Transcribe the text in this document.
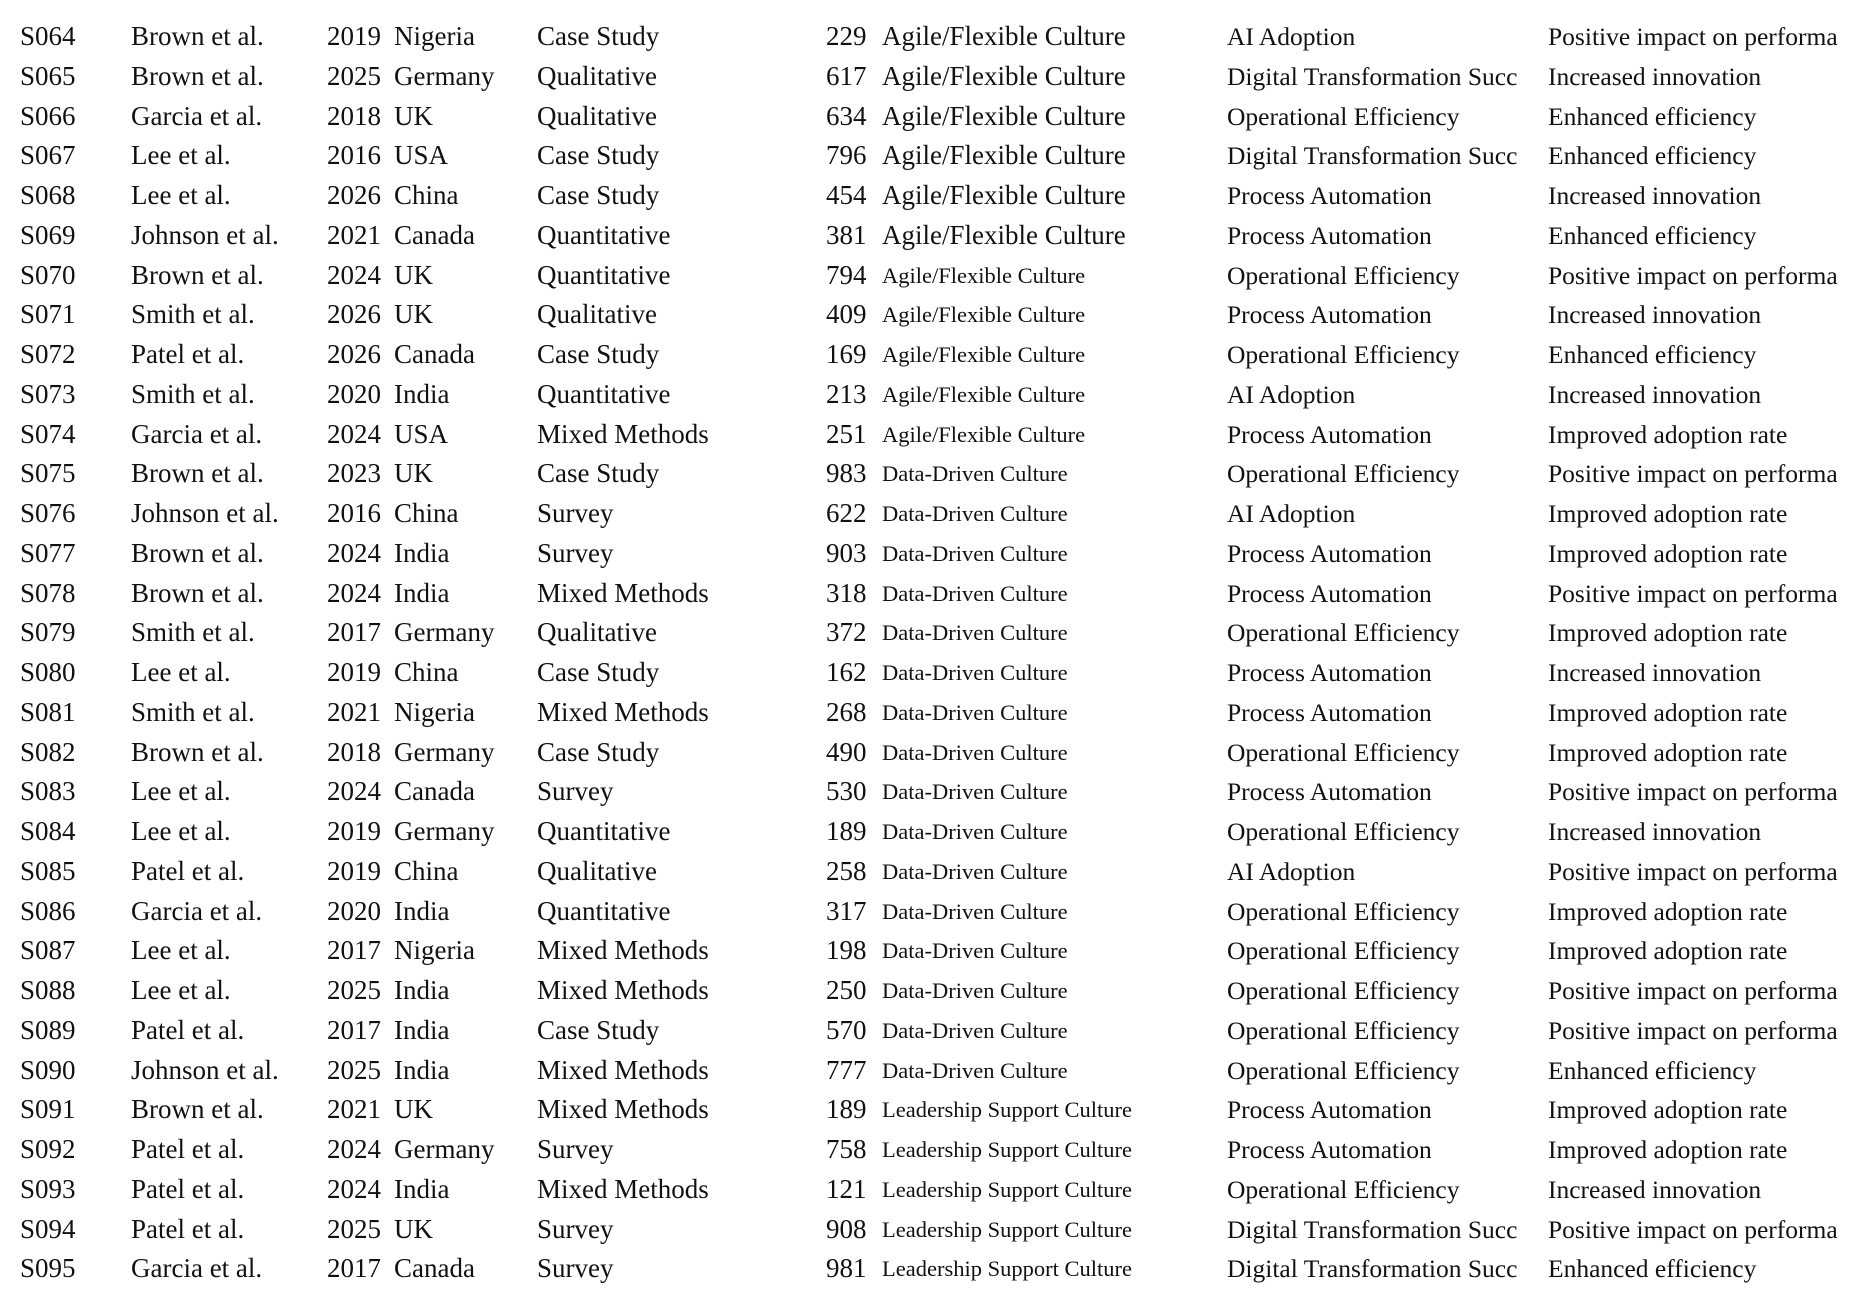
S064	Brown et al.	2019 Nigeria	Case Study	229 Agile/Flexible Culture	AI Adoption	Positive impact on performa
S065	Brown et al.	2025 Germany	Qualitative	617 Agile/Flexible Culture	Digital Transformation Succ	Increased innovation
S066	Garcia et al.	2018 UK	Qualitative	634 Agile/Flexible Culture	Operational Efficiency	Enhanced efficiency
S067	Lee et al.	2016 USA	Case Study	796 Agile/Flexible Culture	Digital Transformation Succ	Enhanced efficiency
S068	Lee et al.	2026 China	Case Study	454 Agile/Flexible Culture	Process Automation	Increased innovation
S069	Johnson et al.	2021 Canada	Quantitative	381 Agile/Flexible Culture	Process Automation	Enhanced efficiency
S070	Brown et al.	2024 UK	Quantitative	794 Agile/Flexible Culture	Operational Efficiency	Positive impact on performa
S071	Smith et al.	2026 UK	Qualitative	409 Agile/Flexible Culture	Process Automation	Increased innovation
S072	Patel et al.	2026 Canada	Case Study	169 Agile/Flexible Culture	Operational Efficiency	Enhanced efficiency
S073	Smith et al.	2020 India	Quantitative	213 Agile/Flexible Culture	AI Adoption	Increased innovation
S074	Garcia et al.	2024 USA	Mixed Methods	251 Agile/Flexible Culture	Process Automation	Improved adoption rate
S075	Brown et al.	2023 UK	Case Study	983 Data-Driven Culture	Operational Efficiency	Positive impact on performa
S076	Johnson et al.	2016 China	Survey	622 Data-Driven Culture	AI Adoption	Improved adoption rate
S077	Brown et al.	2024 India	Survey	903 Data-Driven Culture	Process Automation	Improved adoption rate
S078	Brown et al.	2024 India	Mixed Methods	318 Data-Driven Culture	Process Automation	Positive impact on performa
S079	Smith et al.	2017 Germany	Qualitative	372 Data-Driven Culture	Operational Efficiency	Improved adoption rate
S080	Lee et al.	2019 China	Case Study	162 Data-Driven Culture	Process Automation	Increased innovation
S081	Smith et al.	2021 Nigeria	Mixed Methods	268 Data-Driven Culture	Process Automation	Improved adoption rate
S082	Brown et al.	2018 Germany	Case Study	490 Data-Driven Culture	Operational Efficiency	Improved adoption rate
S083	Lee et al.	2024 Canada	Survey	530 Data-Driven Culture	Process Automation	Positive impact on performa
S084	Lee et al.	2019 Germany	Quantitative	189 Data-Driven Culture	Operational Efficiency	Increased innovation
S085	Patel et al.	2019 China	Qualitative	258 Data-Driven Culture	AI Adoption	Positive impact on performa
S086	Garcia et al.	2020 India	Quantitative	317 Data-Driven Culture	Operational Efficiency	Improved adoption rate
S087	Lee et al.	2017 Nigeria	Mixed Methods	198 Data-Driven Culture	Operational Efficiency	Improved adoption rate
S088	Lee et al.	2025 India	Mixed Methods	250 Data-Driven Culture	Operational Efficiency	Positive impact on performa
S089	Patel et al.	2017 India	Case Study	570 Data-Driven Culture	Operational Efficiency	Positive impact on performa
S090	Johnson et al.	2025 India	Mixed Methods	777 Data-Driven Culture	Operational Efficiency	Enhanced efficiency
S091	Brown et al.	2021 UK	Mixed Methods	189 Leadership Support Culture	Process Automation	Improved adoption rate
S092	Patel et al.	2024 Germany	Survey	758 Leadership Support Culture	Process Automation	Improved adoption rate
S093	Patel et al.	2024 India	Mixed Methods	121 Leadership Support Culture	Operational Efficiency	Increased innovation
S094	Patel et al.	2025 UK	Survey	908 Leadership Support Culture	Digital Transformation Succ	Positive impact on performa
S095	Garcia et al.	2017 Canada	Survey	981 Leadership Support Culture	Digital Transformation Succ	Enhanced efficiency
